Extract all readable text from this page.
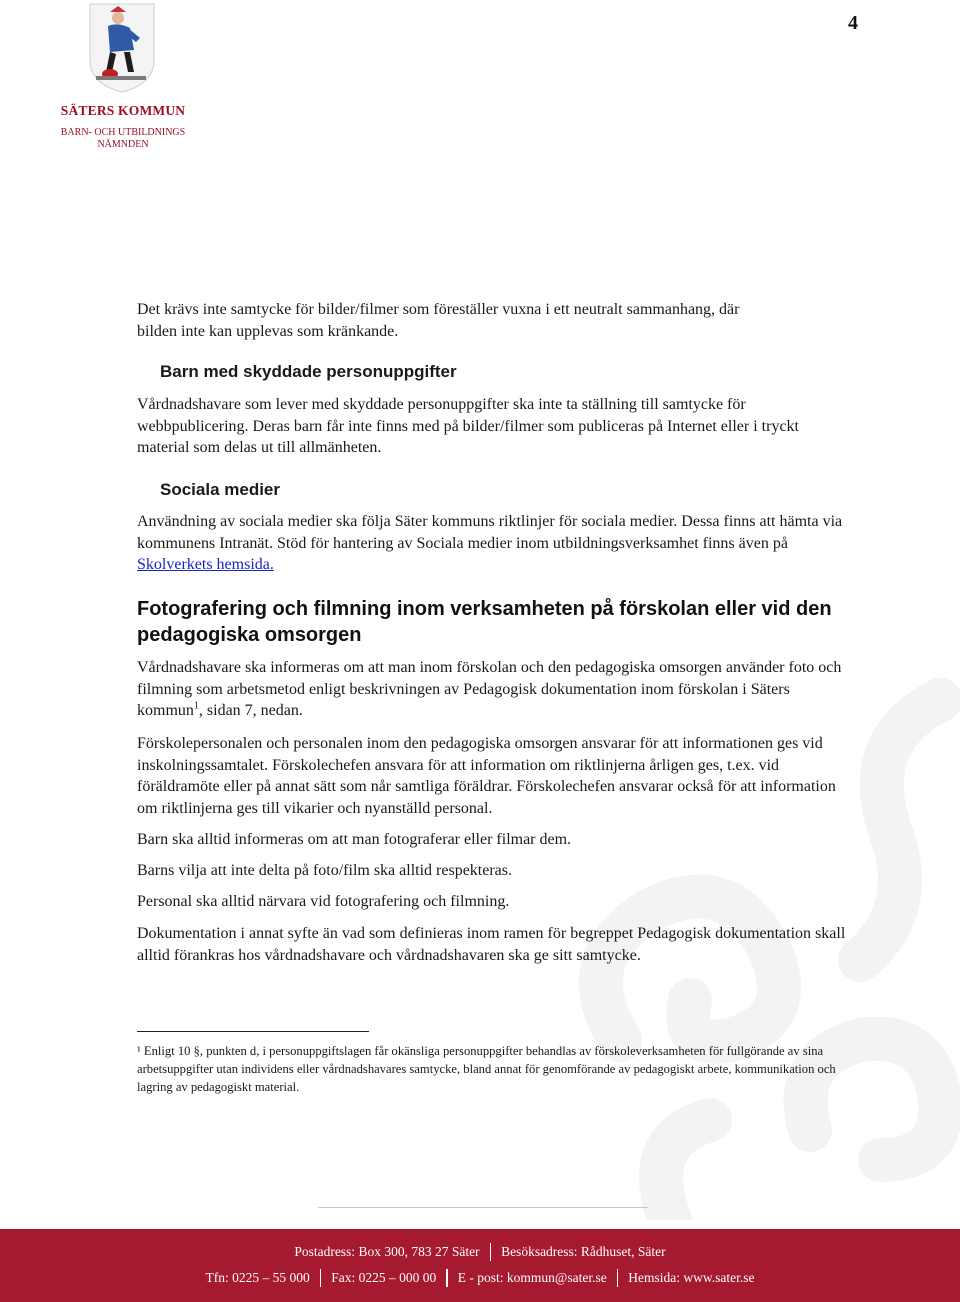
SÄTERS KOMMUN
BARN- OCH UTBILDNINGS
NÄMNDEN
4

Det krävs inte samtycke för bilder/filmer som föreställer vuxna i ett neutralt sammanhang, där
bilden inte kan upplevas som kränkande.

Barn med skyddade personuppgifter

Vårdnadshavare som lever med skyddade personuppgifter ska inte ta ställning till samtycke för webbpublicering. Deras barn får inte finns med på bilder/filmer som publiceras på Internet eller i tryckt material som delas ut till allmänheten.

Sociala medier

Användning av sociala medier ska följa Säter kommuns riktlinjer för sociala medier. Dessa finns att hämta via kommunens Intranät. Stöd för hantering av Sociala medier inom utbildningsverksamhet finns även på Skolverkets hemsida.

Fotografering och filmning inom verksamheten på förskolan eller vid den pedagogiska omsorgen

Vårdnadshavare ska informeras om att man inom förskolan och den pedagogiska omsorgen använder foto och filmning som arbetsmetod enligt beskrivningen av Pedagogisk dokumentation inom förskolan i Säters kommun$^1$, sidan 7, nedan.

Förskolepersonalen och personalen inom den pedagogiska omsorgen ansvarar för att informationen ges vid inskolningssamtalet. Förskolechefen ansvara för att information om riktlinjerna årligen ges, t.ex. vid föräldramöte eller på annat sätt som når samtliga föräldrar. Förskolechefen ansvarar också för att information om riktlinjerna ges till vikarier och nyanställd personal.

Barn ska alltid informeras om att man fotograferar eller filmar dem.

Barns vilja att inte delta på foto/film ska alltid respekteras.

Personal ska alltid närvara vid fotografering och filmning.

Dokumentation i annat syfte än vad som definieras inom ramen för begreppet Pedagogisk dokumentation skall alltid förankras hos vårdnadshavare och vårdnadshavaren ska ge sitt samtycke.

¹ Enligt 10 §, punkten d, i personuppgiftslagen får okänsliga personuppgifter behandlas av förskoleverksamheten för fullgörande av sina arbetsuppgifter utan individens eller vårdnadshavares samtycke, bland annat för genomförande av pedagogiskt arbete, kommunikation och lagring av pedagogiskt material.

Postadress: Box 300, 783 27 Säter	Besöksadress: Rådhuset, Säter
Tfn: 0225 – 55 000	Fax: 0225 – 000 00	E - post: kommun@sater.se	Hemsida: www.sater.se
